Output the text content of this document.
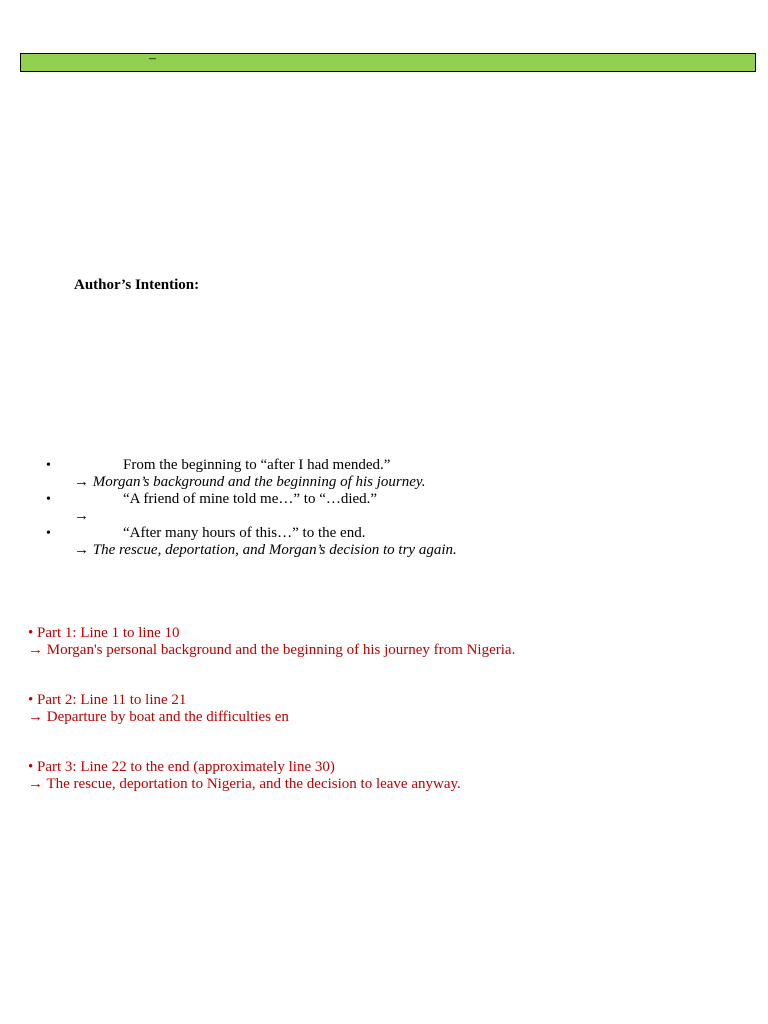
–
Author’s Intention:
•	From the beginning to “after I had mended.”
→ Morgan’s background and the beginning of his journey.
•	“A friend of mine told me…” to “…died.”
→
•	“After many hours of this…” to the end.
→ The rescue, deportation, and Morgan’s decision to try again.
• Part 1: Line 1 to line 10
→ Morgan's personal background and the beginning of his journey from Nigeria.
• Part 2: Line 11 to line 21
→ Departure by boat and the difficulties en
• Part 3: Line 22 to the end (approximately line 30)
→ The rescue, deportation to Nigeria, and the decision to leave anyway.
